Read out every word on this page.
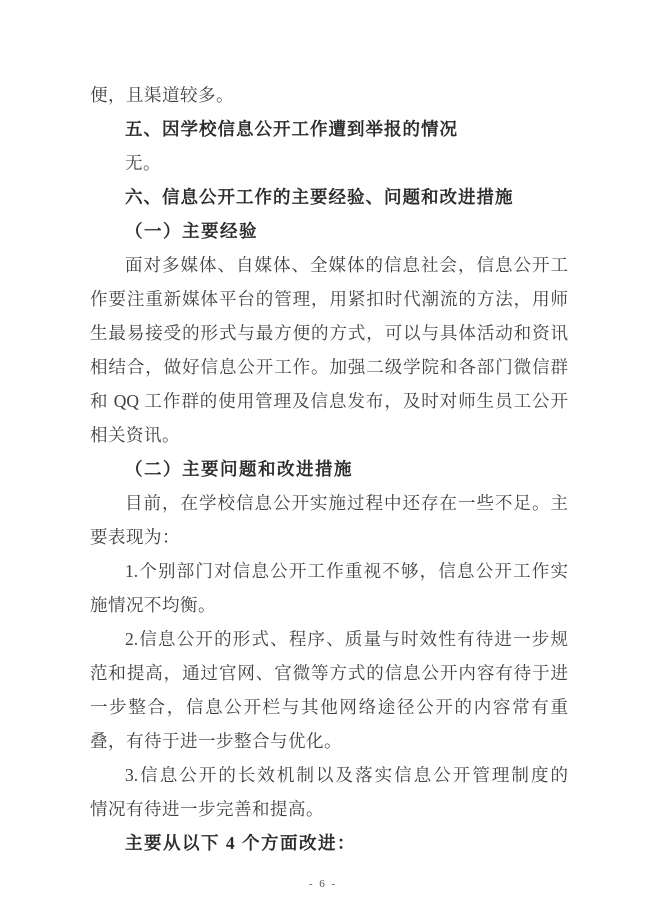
便，且渠道较多。

五、因学校信息公开工作遭到举报的情况

无。

六、信息公开工作的主要经验、问题和改进措施

（一）主要经验

面对多媒体、自媒体、全媒体的信息社会，信息公开工

作要注重新媒体平台的管理，用紧扣时代潮流的方法，用师

生最易接受的形式与最方便的方式，可以与具体活动和资讯

相结合，做好信息公开工作。加强二级学院和各部门微信群

和 QQ 工作群的使用管理及信息发布，及时对师生员工公开

相关资讯。

（二）主要问题和改进措施

目前，在学校信息公开实施过程中还存在一些不足。主

要表现为：

1.个别部门对信息公开工作重视不够，信息公开工作实

施情况不均衡。

2.信息公开的形式、程序、质量与时效性有待进一步规

范和提高，通过官网、官微等方式的信息公开内容有待于进

一步整合，信息公开栏与其他网络途径公开的内容常有重

叠，有待于进一步整合与优化。

3.信息公开的长效机制以及落实信息公开管理制度的

情况有待进一步完善和提高。

主要从以下 4 个方面改进：

- 6 -
